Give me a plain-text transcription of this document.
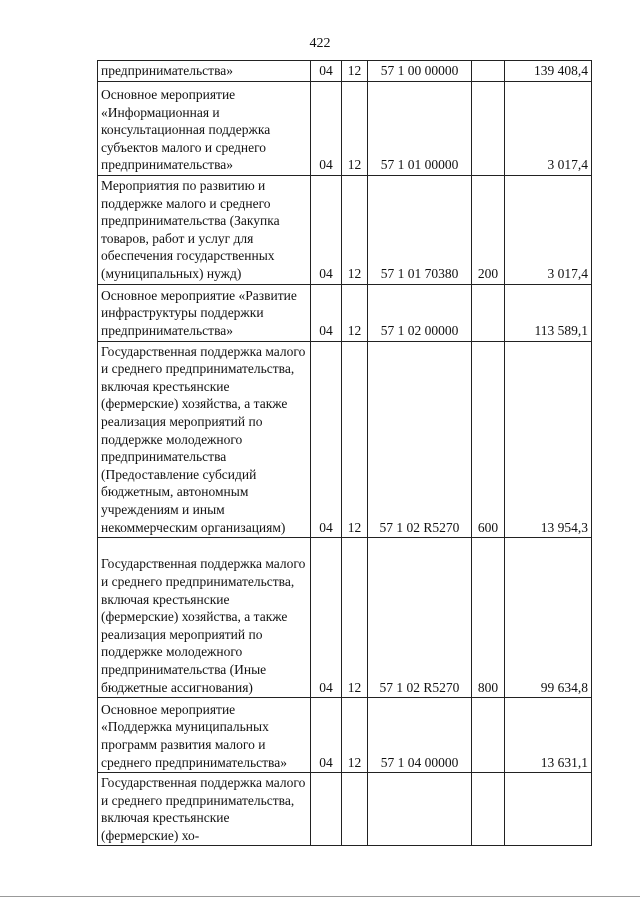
422
предпринимательства»	04	12	57 1 00 00000		139 408,4
Основное мероприятие «Информационная и консультационная поддержка субъектов малого и среднего предпринимательства»	04	12	57 1 01 00000		3 017,4
Мероприятия по развитию и поддержке малого и среднего предпринимательства (Закупка товаров, работ и услуг для обеспечения государственных (муниципальных) нужд)	04	12	57 1 01 70380	200	3 017,4
Основное мероприятие «Развитие инфраструктуры поддержки предпринимательства»	04	12	57 1 02 00000		113 589,1
Государственная поддержка малого и среднего предпринимательства, включая крестьянские (фермерские) хозяйства, а также реализация мероприятий по поддержке молодежного предпринимательства (Предоставление субсидий бюджетным, автономным учреждениям и иным некоммерческим организациям)	04	12	57 1 02 R5270	600	13 954,3
Государственная поддержка малого и среднего предпринимательства, включая крестьянские (фермерские) хозяйства, а также реализация мероприятий по поддержке молодежного предпринимательства (Иные бюджетные ассигнования)	04	12	57 1 02 R5270	800	99 634,8
Основное мероприятие «Поддержка муниципальных программ развития малого и среднего предпринимательства»	04	12	57 1 04 00000		13 631,1
Государственная поддержка малого и среднего предпринимательства, включая крестьянские (фермерские) хо-					
